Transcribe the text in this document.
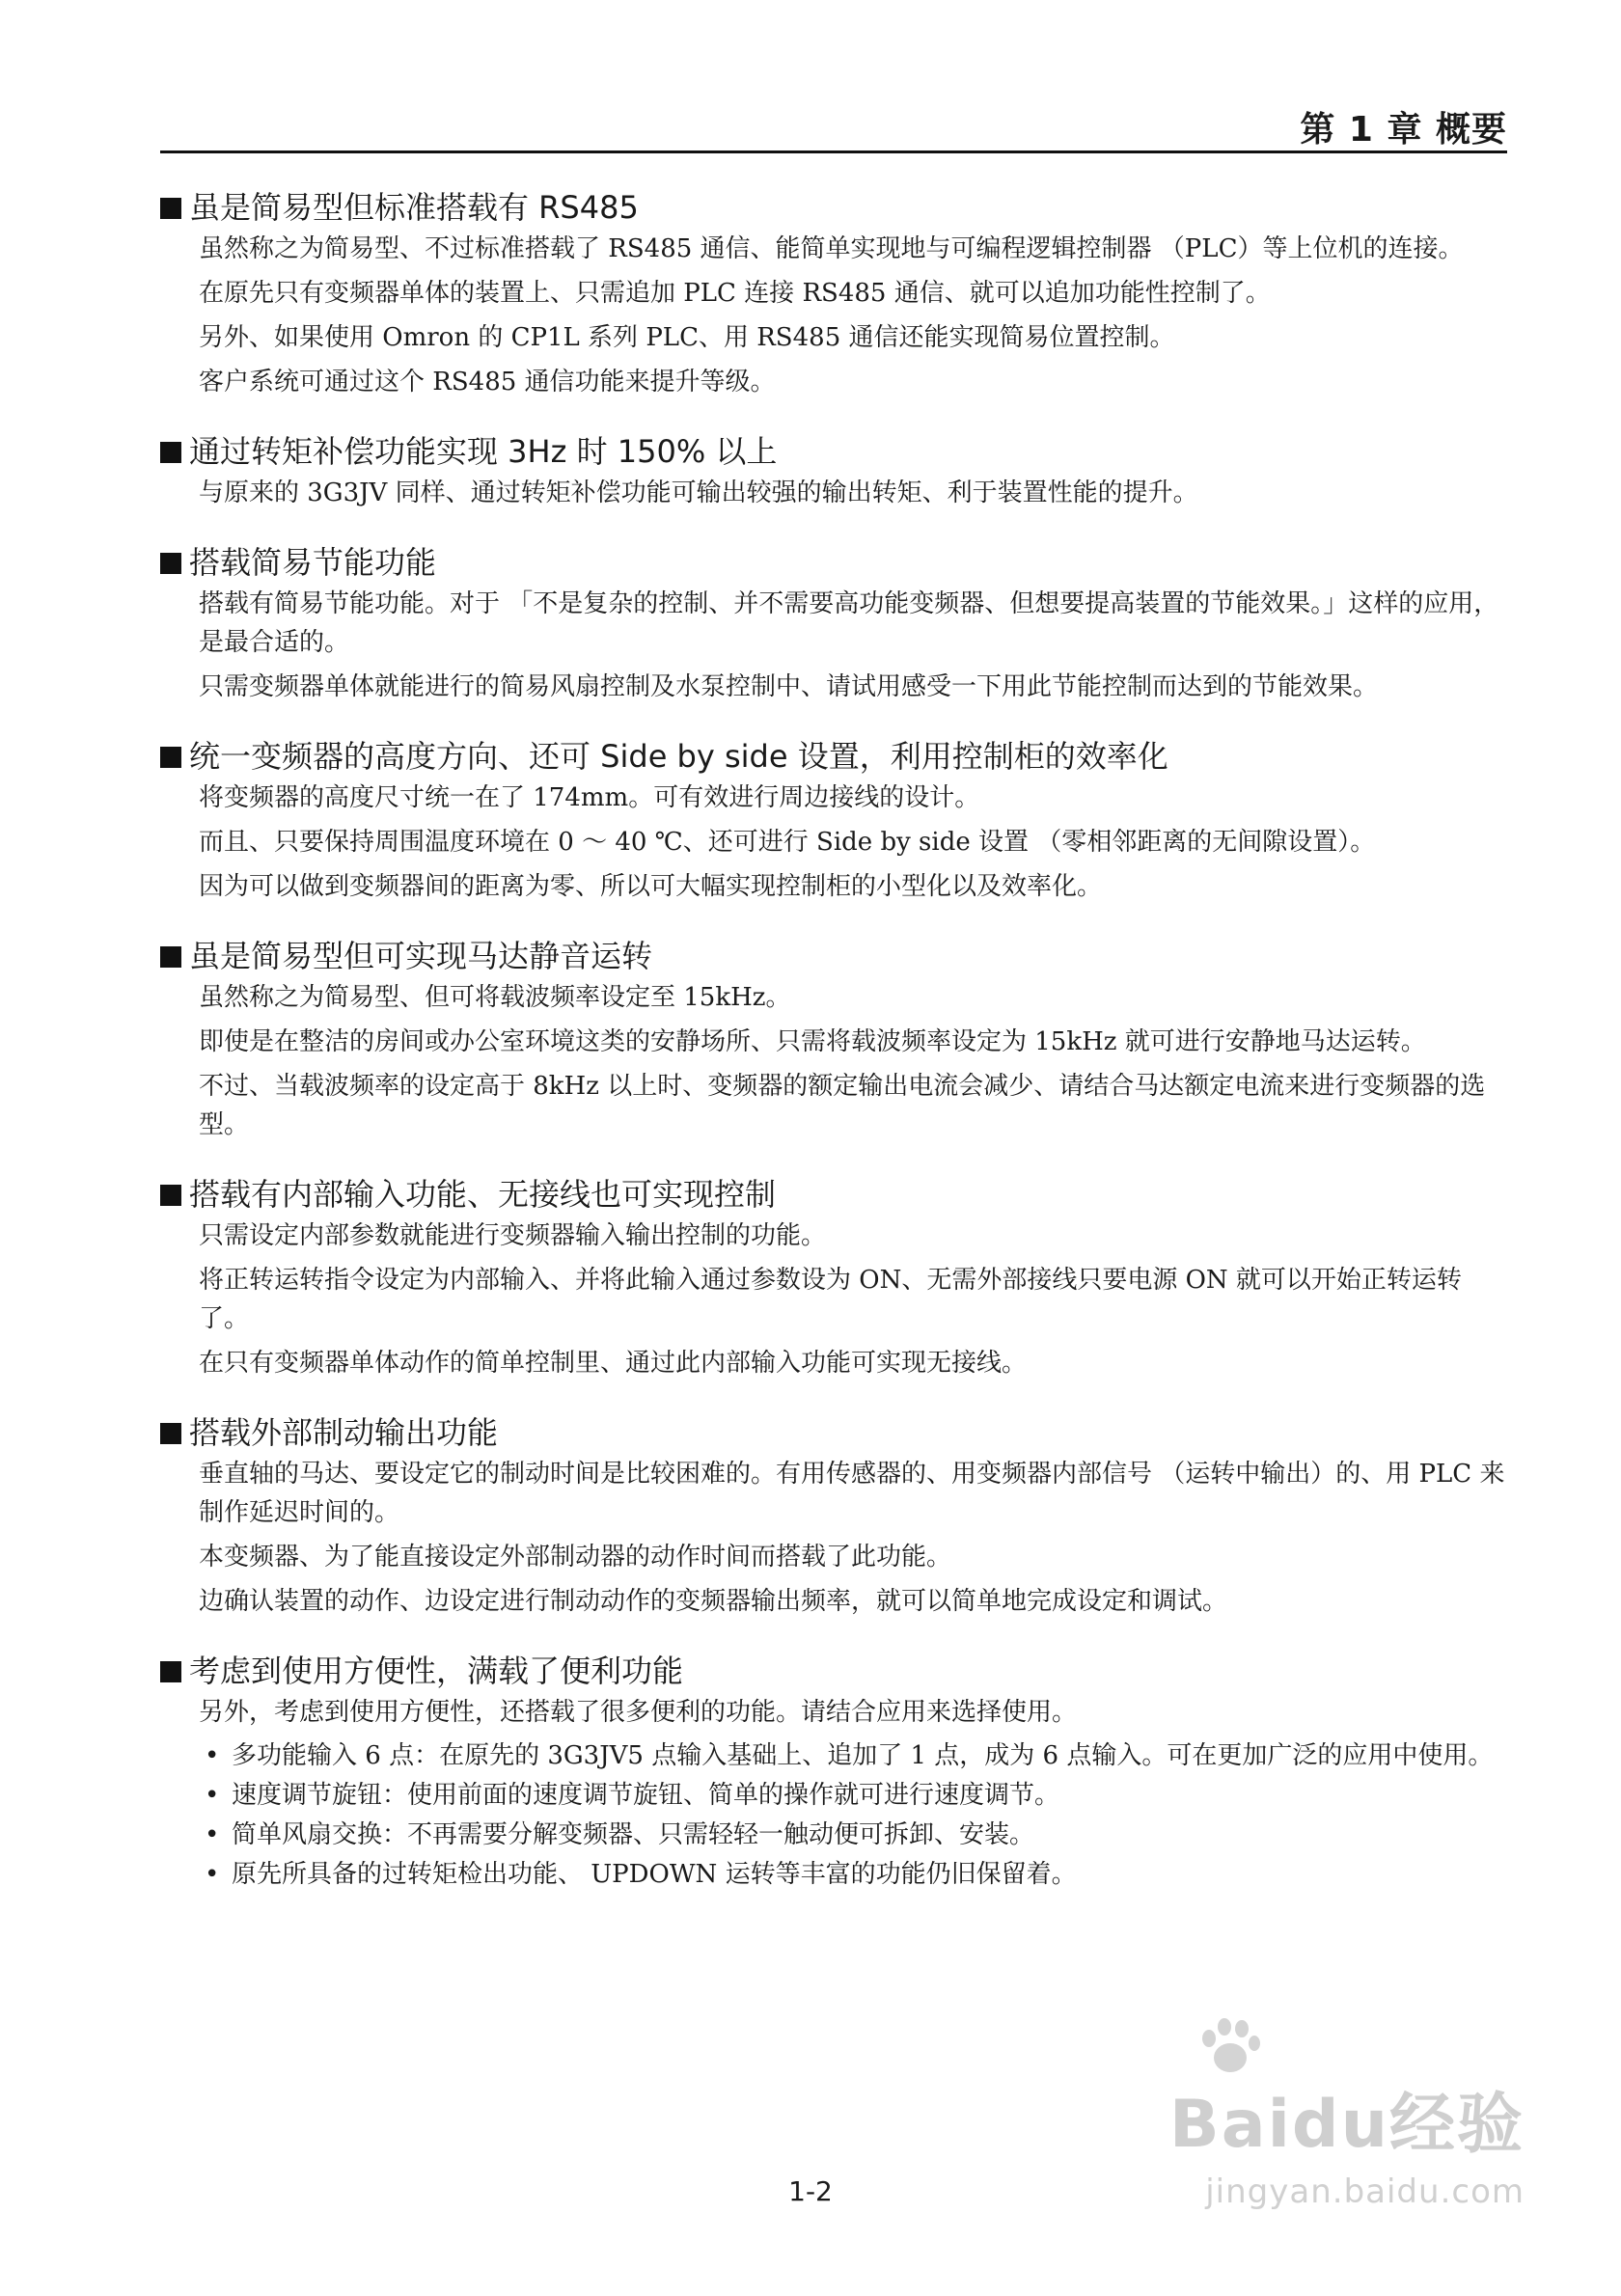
第 1 章 概要
虽是简易型但标准搭载有 RS485

虽然称之为简易型、不过标准搭载了 RS485 通信、能简单实现地与可编程逻辑控制器 （PLC）等上位机的连接。

在原先只有变频器单体的装置上、只需追加 PLC 连接 RS485 通信、就可以追加功能性控制了。

另外、如果使用 Omron 的 CP1L 系列 PLC、用 RS485 通信还能实现简易位置控制。

客户系统可通过这个 RS485 通信功能来提升等级。

通过转矩补偿功能实现 3Hz 时 150% 以上

与原来的 3G3JV 同样、通过转矩补偿功能可输出较强的输出转矩、利于装置性能的提升。

搭载简易节能功能

搭载有简易节能功能。对于 「不是复杂的控制、并不需要高功能变频器、但想要提高装置的节能效果。」这样的应用，是最合适的。

只需变频器单体就能进行的简易风扇控制及水泵控制中、请试用感受一下用此节能控制而达到的节能效果。

统一变频器的高度方向、还可 Side by side 设置，利用控制柜的效率化

将变频器的高度尺寸统一在了 174mm。可有效进行周边接线的设计。

而且、只要保持周围温度环境在 0 ～ 40 ℃、还可进行 Side by side 设置 （零相邻距离的无间隙设置）。

因为可以做到变频器间的距离为零、所以可大幅实现控制柜的小型化以及效率化。

虽是简易型但可实现马达静音运转

虽然称之为简易型、但可将载波频率设定至 15kHz。

即使是在整洁的房间或办公室环境这类的安静场所、只需将载波频率设定为 15kHz 就可进行安静地马达运转。

不过、当载波频率的设定高于 8kHz 以上时、变频器的额定输出电流会减少、请结合马达额定电流来进行变频器的选型。

搭载有内部输入功能、无接线也可实现控制

只需设定内部参数就能进行变频器输入输出控制的功能。

将正转运转指令设定为内部输入、并将此输入通过参数设为 ON、无需外部接线只要电源 ON 就可以开始正转运转了。

在只有变频器单体动作的简单控制里、通过此内部输入功能可实现无接线。

搭载外部制动输出功能

垂直轴的马达、要设定它的制动时间是比较困难的。有用传感器的、用变频器内部信号 （运转中输出）的、用 PLC 来制作延迟时间的。

本变频器、为了能直接设定外部制动器的动作时间而搭载了此功能。

边确认装置的动作、边设定进行制动动作的变频器输出频率，就可以简单地完成设定和调试。

考虑到使用方便性，满载了便利功能

另外，考虑到使用方便性，还搭载了很多便利的功能。请结合应用来选择使用。

• 多功能输入 6 点：在原先的 3G3JV5 点输入基础上、追加了 1 点，成为 6 点输入。可在更加广泛的应用中使用。
• 速度调节旋钮：使用前面的速度调节旋钮、简单的操作就可进行速度调节。
• 简单风扇交换：不再需要分解变频器、只需轻轻一触动便可拆卸、安装。
• 原先所具备的过转矩检出功能、 UPDOWN 运转等丰富的功能仍旧保留着。
Baidu经验
jingyan.baidu.com
1-2
